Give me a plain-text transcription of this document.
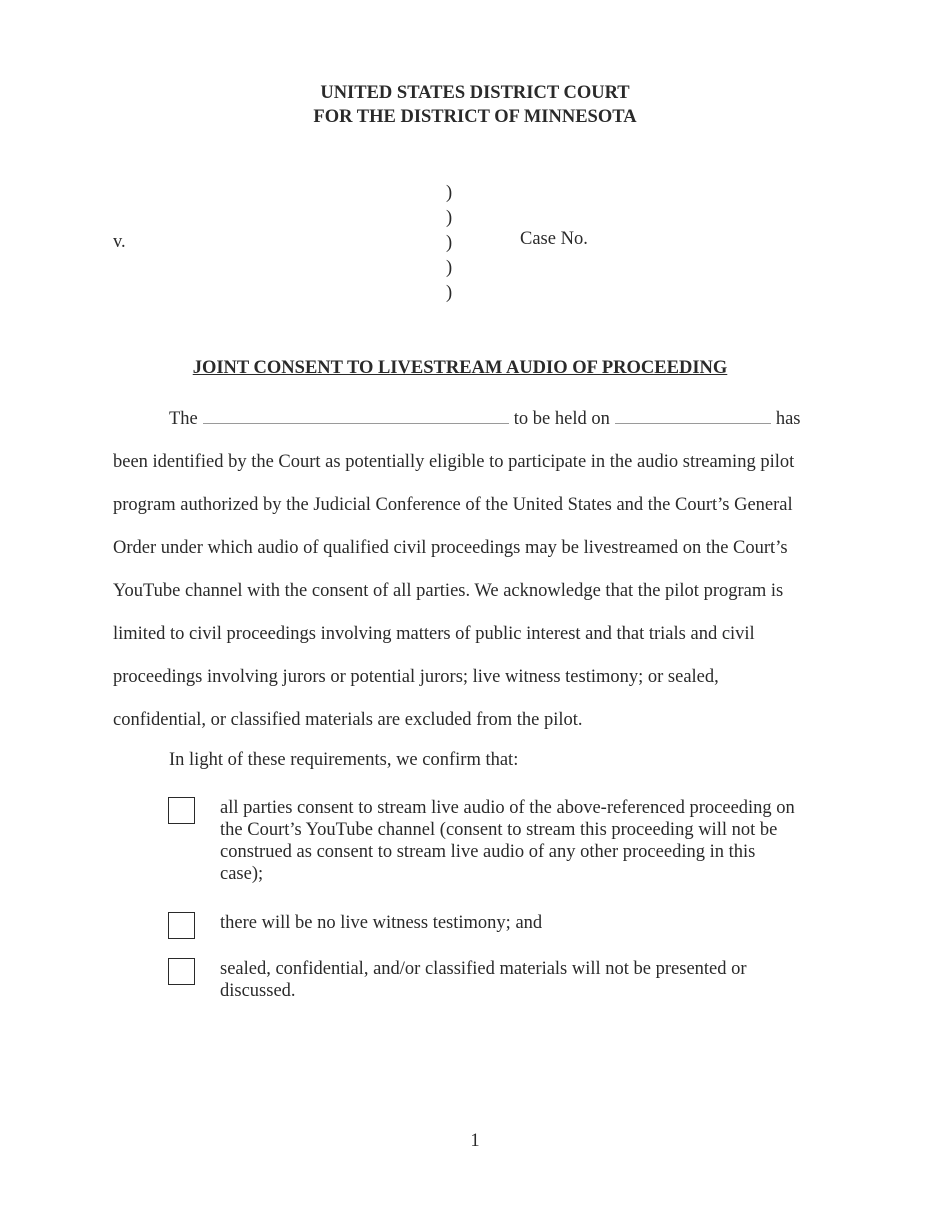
UNITED STATES DISTRICT COURT
FOR THE DISTRICT OF MINNESOTA
v.
)
)
)
)
)
Case No.
JOINT CONSENT TO LIVESTREAM AUDIO OF PROCEEDING
The	to be held on	has
been identified by the Court as potentially eligible to participate in the audio streaming pilot
program authorized by the Judicial Conference of the United States and the Court’s General
Order under which audio of qualified civil proceedings may be livestreamed on the Court’s
YouTube channel with the consent of all parties. We acknowledge that the pilot program is
limited to civil proceedings involving matters of public interest and that trials and civil
proceedings involving jurors or potential jurors; live witness testimony; or sealed,
confidential, or classified materials are excluded from the pilot.
In light of these requirements, we confirm that:
all parties consent to stream live audio of the above-referenced proceeding on
the Court’s YouTube channel (consent to stream this proceeding will not be
construed as consent to stream live audio of any other proceeding in this
case);
there will be no live witness testimony; and
sealed, confidential, and/or classified materials will not be presented or
discussed.
1
